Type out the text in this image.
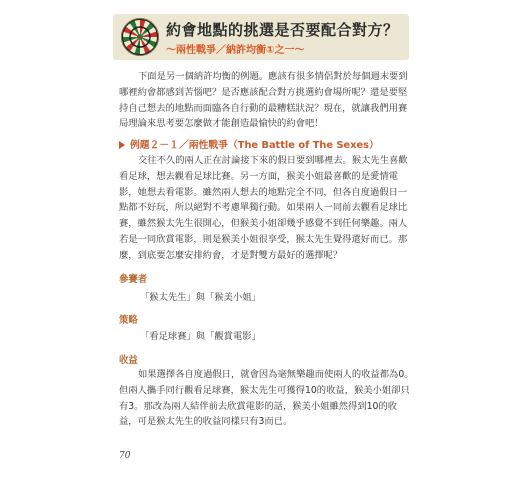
約會地點的挑選是否要配合對方？
～兩性戰爭／納許均衡①之一～
下面是另一個納許均衡的例題。應該有很多情侶對於每個週末要到哪裡約會都感到苦惱吧？是否應該配合對方挑選約會場所呢？還是要堅持自己想去的地點而面臨各自行動的最糟糕狀況？現在，就讓我們用賽局理論來思考要怎麼做才能創造最愉快的約會吧！
例題２－１／兩性戰爭（The Battle of The Sexes）
交往不久的兩人正在討論接下來的假日要到哪裡去。猴太先生喜歡看足球，想去觀看足球比賽。另一方面，猴美小姐最喜歡的是愛情電影，她想去看電影。雖然兩人想去的地點完全不同，但各自度過假日一點都不好玩，所以絕對不考慮單獨行動。如果兩人一同前去觀看足球比賽，雖然猴太先生很開心，但猴美小姐卻幾乎感覺不到任何樂趣。兩人若是一同欣賞電影，則是猴美小姐很享受，猴太先生覺得還好而已。那麼，到底要怎麼安排約會，才是對雙方最好的選擇呢？
參賽者
「猴太先生」與「猴美小姐」
策略
「看足球賽」與「觀賞電影」
收益
如果選擇各自度過假日，就會因為毫無樂趣而使兩人的收益都為0。但兩人攜手同行觀看足球賽，猴太先生可獲得10的收益，猴美小姐卻只有3。那改為兩人結伴前去欣賞電影的話，猴美小姐雖然得到10的收益，可是猴太先生的收益同樣只有3而已。
70
